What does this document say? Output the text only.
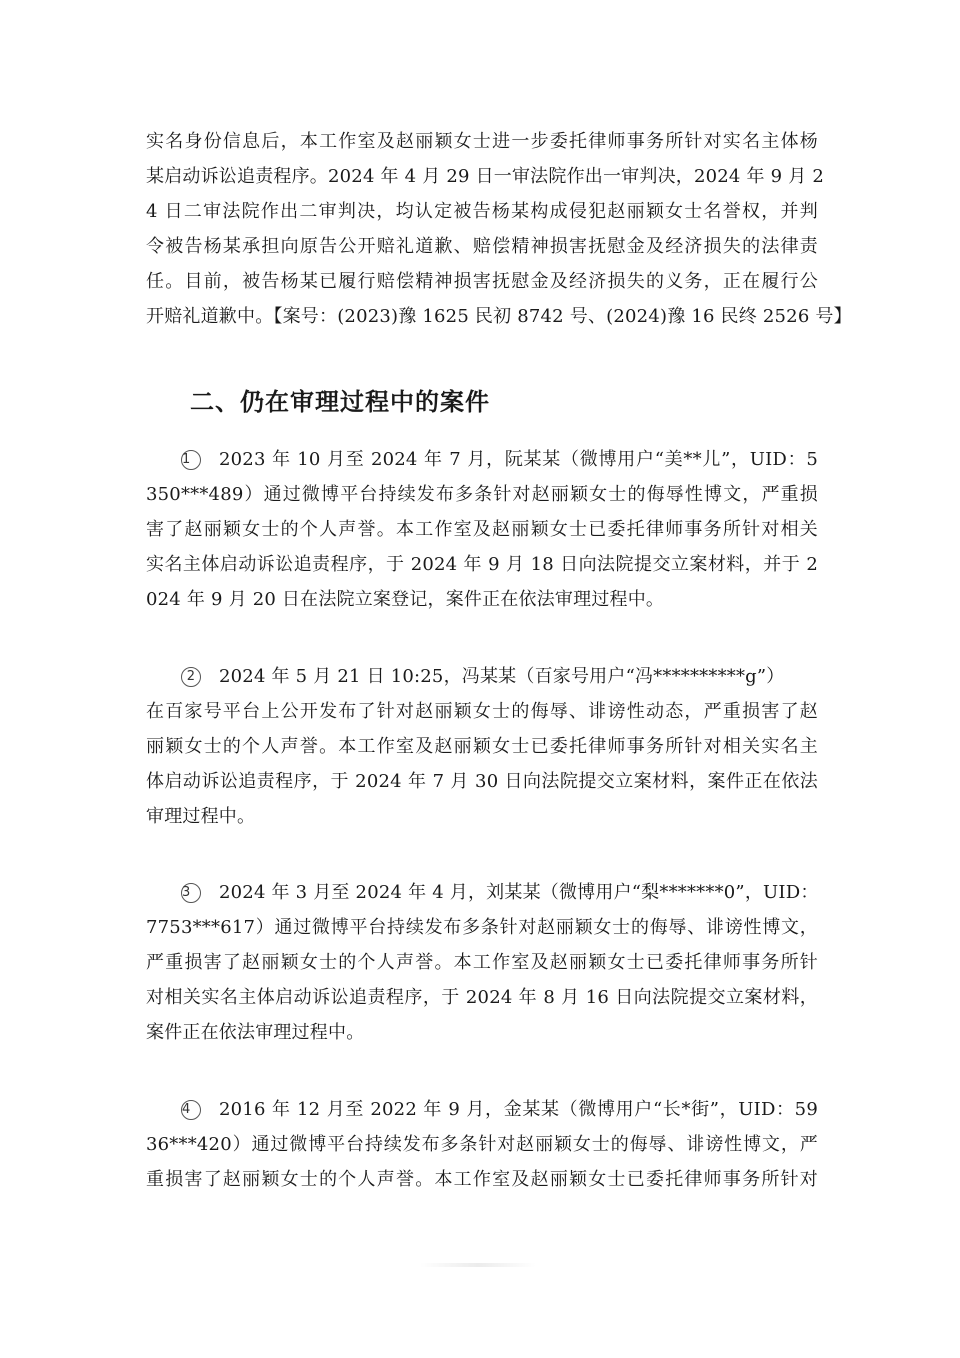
实名身份信息后，本工作室及赵丽颖女士进一步委托律师事务所针对实名主体杨
某启动诉讼追责程序。2024 年 4 月 29 日一审法院作出一审判决，2024 年 9 月 2
4 日二审法院作出二审判决，均认定被告杨某构成侵犯赵丽颖女士名誉权，并判
令被告杨某承担向原告公开赔礼道歉、赔偿精神损害抚慰金及经济损失的法律责
任。目前，被告杨某已履行赔偿精神损害抚慰金及经济损失的义务，正在履行公
开赔礼道歉中。【案号：(2023)豫 1625 民初 8742 号、(2024)豫 16 民终 2526 号】
二、仍在审理过程中的案件
1 2023 年 10 月至 2024 年 7 月，阮某某（微博用户“美**儿”，UID：5
350***489）通过微博平台持续发布多条针对赵丽颖女士的侮辱性博文，严重损
害了赵丽颖女士的个人声誉。本工作室及赵丽颖女士已委托律师事务所针对相关
实名主体启动诉讼追责程序，于 2024 年 9 月 18 日向法院提交立案材料，并于 2
024 年 9 月 20 日在法院立案登记，案件正在依法审理过程中。
2 2024 年 5 月 21 日 10:25，冯某某（百家号用户“冯**********g”）
在百家号平台上公开发布了针对赵丽颖女士的侮辱、诽谤性动态，严重损害了赵
丽颖女士的个人声誉。本工作室及赵丽颖女士已委托律师事务所针对相关实名主
体启动诉讼追责程序，于 2024 年 7 月 30 日向法院提交立案材料，案件正在依法
审理过程中。
3 2024 年 3 月至 2024 年 4 月，刘某某（微博用户“梨*******0”，UID：
7753***617）通过微博平台持续发布多条针对赵丽颖女士的侮辱、诽谤性博文，
严重损害了赵丽颖女士的个人声誉。本工作室及赵丽颖女士已委托律师事务所针
对相关实名主体启动诉讼追责程序，于 2024 年 8 月 16 日向法院提交立案材料，
案件正在依法审理过程中。
4 2016 年 12 月至 2022 年 9 月，金某某（微博用户“长*街”，UID：59
36***420）通过微博平台持续发布多条针对赵丽颖女士的侮辱、诽谤性博文，严
重损害了赵丽颖女士的个人声誉。本工作室及赵丽颖女士已委托律师事务所针对
